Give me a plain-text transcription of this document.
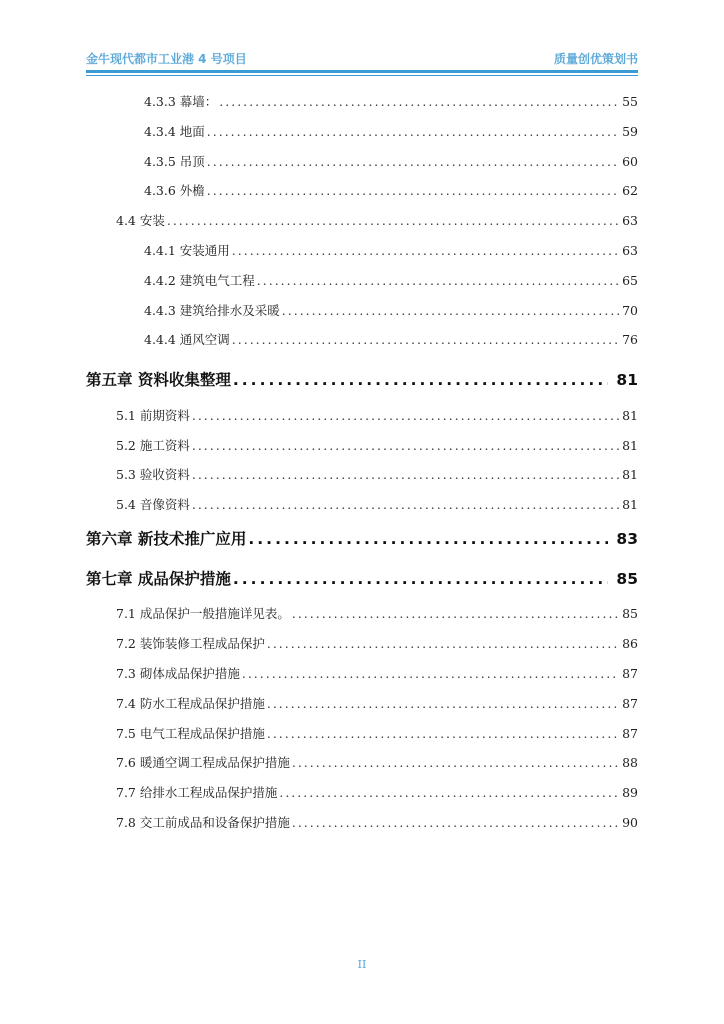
金牛现代都市工业港 4 号项目	质量创优策划书
4.3.3 幕墙： .....	55
4.3.4 地面 .....	59
4.3.5 吊顶 .....	60
4.3.6 外檐 .....	62
4.4 安装 .....	63
4.4.1 安装通用 .....	63
4.4.2 建筑电气工程 .....	65
4.4.3 建筑给排水及采暖 .....	70
4.4.4 通风空调 .....	76
第五章 资料收集整理 .....	81
5.1 前期资料 .....	81
5.2 施工资料 .....	81
5.3 验收资料 .....	81
5.4 音像资料 .....	81
第六章 新技术推广应用 .....	83
第七章 成品保护措施 .....	85
7.1 成品保护一般措施详见表。 .....	85
7.2 装饰装修工程成品保护 .....	86
7.3 砌体成品保护措施 .....	87
7.4 防水工程成品保护措施 .....	87
7.5 电气工程成品保护措施 .....	87
7.6 暖通空调工程成品保护措施 .....	88
7.7 给排水工程成品保护措施 .....	89
7.8 交工前成品和设备保护措施 .....	90
II
